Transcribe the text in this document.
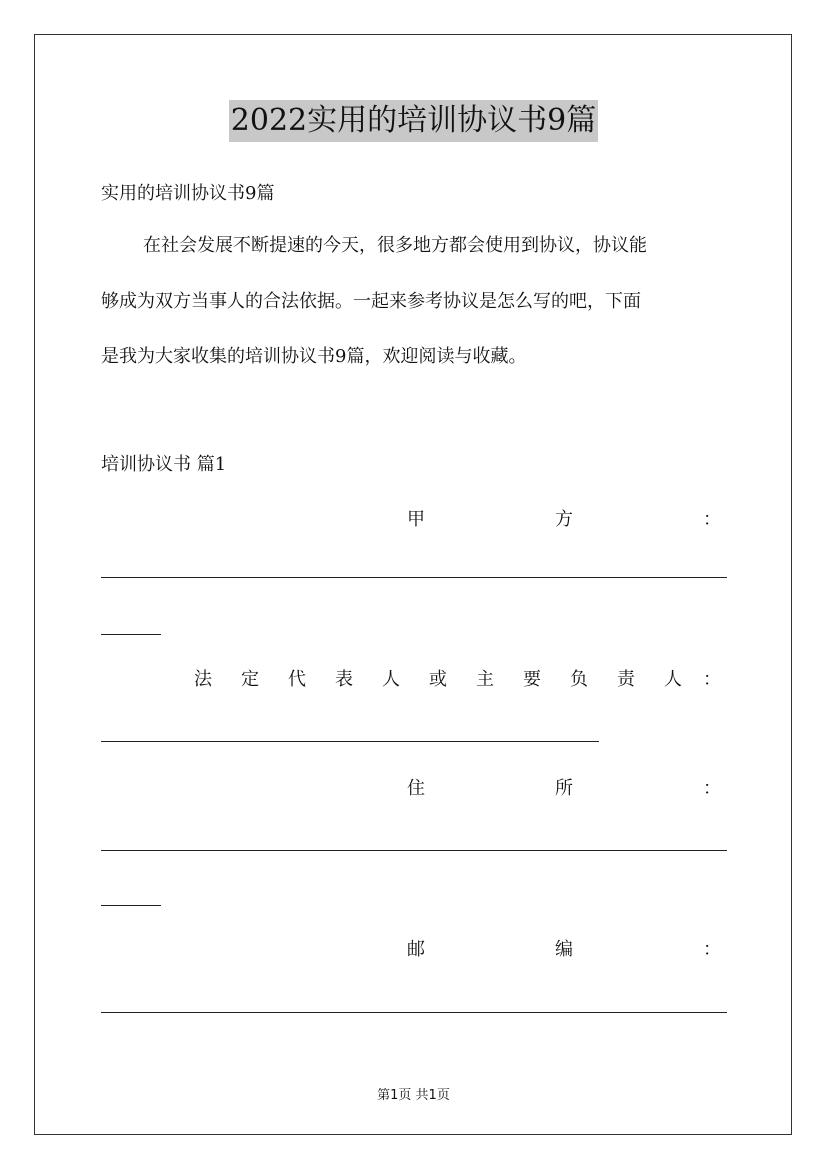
2022实用的培训协议书9篇
实用的培训协议书9篇
在社会发展不断提速的今天，很多地方都会使用到协议，协议能
够成为双方当事人的合法依据。一起来参考协议是怎么写的吧，下面
是我为大家收集的培训协议书9篇，欢迎阅读与收藏。
培训协议书 篇1
甲	方	：
法 定 代 表 人 或 主 要 负 责 人 ：
住	所	：
邮	编	：
第1页 共1页
